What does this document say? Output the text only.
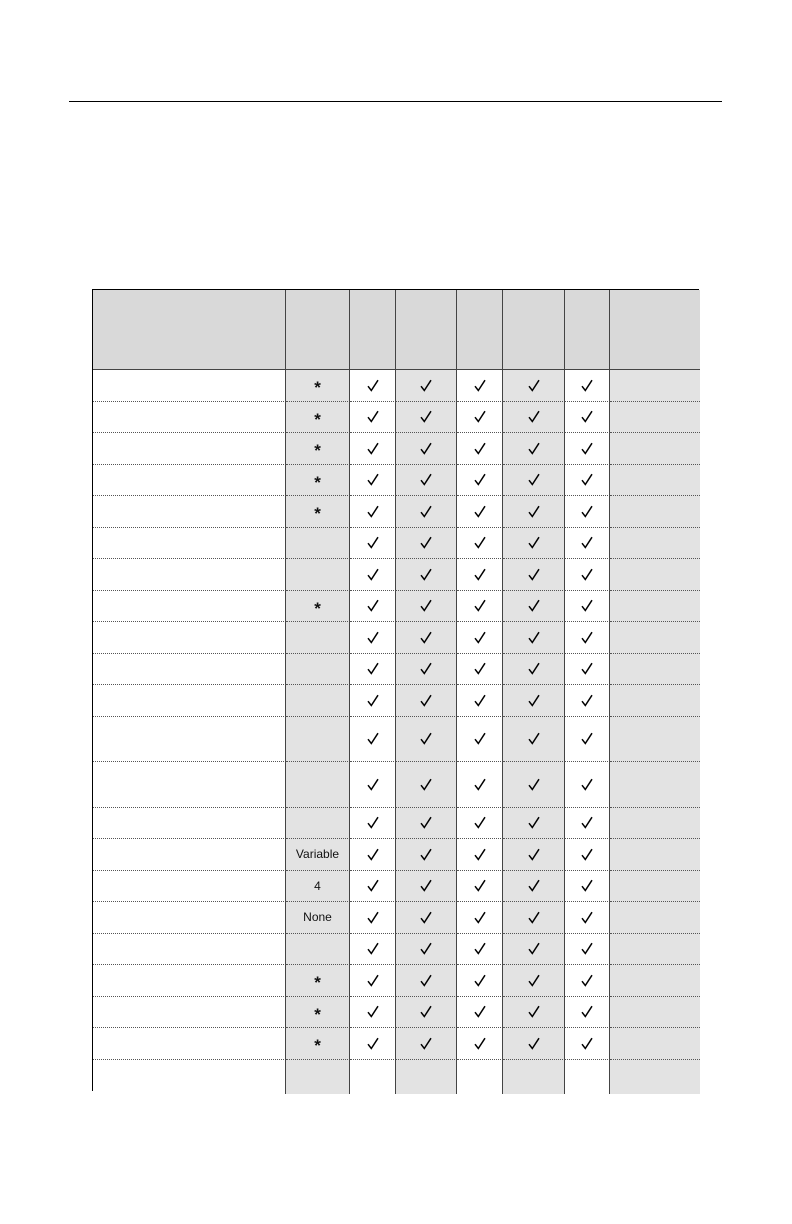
*
*
*
*
*
*
Variable
4
None
*
*
*
